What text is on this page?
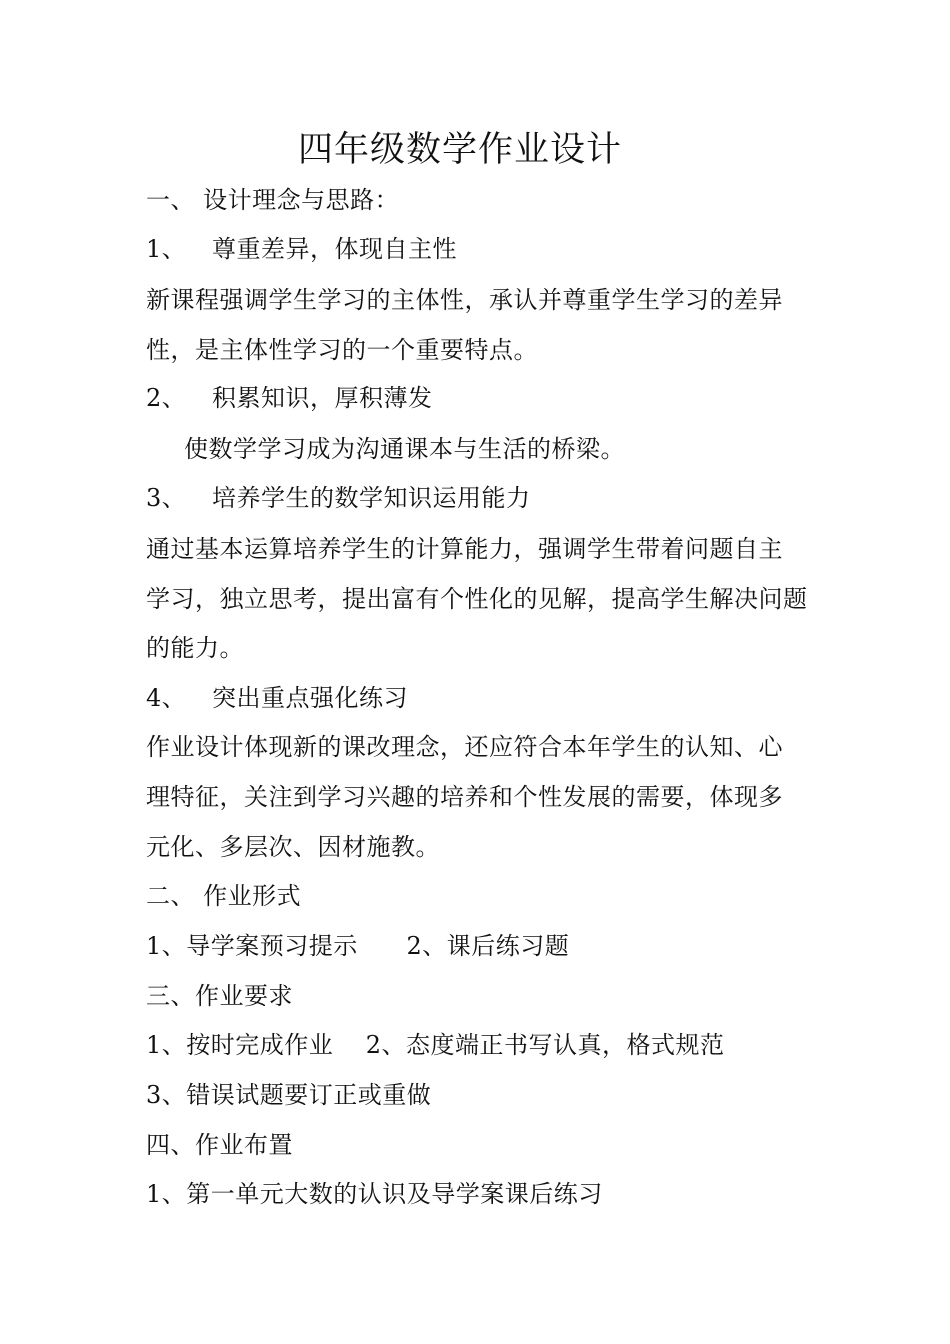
四年级数学作业设计
一、 设计理念与思路：
1、 尊重差异，体现自主性
新课程强调学生学习的主体性，承认并尊重学生学习的差异
性，是主体性学习的一个重要特点。
2、 积累知识，厚积薄发
使数学学习成为沟通课本与生活的桥梁。
3、 培养学生的数学知识运用能力
通过基本运算培养学生的计算能力，强调学生带着问题自主
学习，独立思考，提出富有个性化的见解，提高学生解决问题
的能力。
4、 突出重点强化练习
作业设计体现新的课改理念，还应符合本年学生的认知、心
理特征，关注到学习兴趣的培养和个性发展的需要，体现多
元化、多层次、因材施教。
二、 作业形式
1、导学案预习提示      2、课后练习题
三、作业要求
1、按时完成作业    2、态度端正书写认真，格式规范
3、错误试题要订正或重做
四、作业布置
1、第一单元大数的认识及导学案课后练习
